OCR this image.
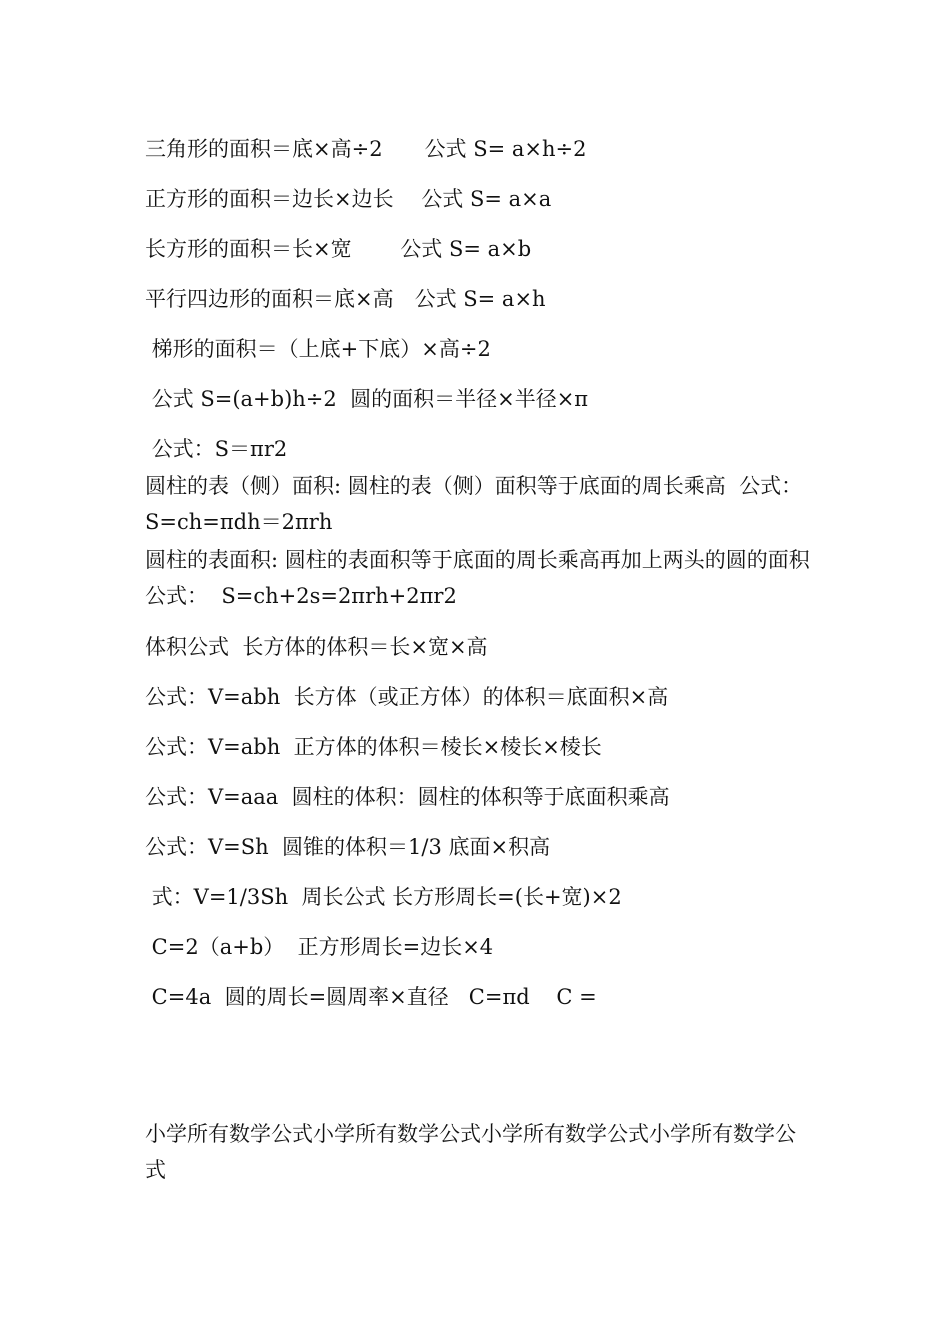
三角形的面积＝底×高÷2　　公式 S= a×h÷2
正方形的面积＝边长×边长　 公式 S= a×a
长方形的面积＝长×宽　　 公式 S= a×b
平行四边形的面积＝底×高　公式 S= a×h
梯形的面积＝（上底+下底）×高÷2
公式 S=(a+b)h÷2  圆的面积＝半径×半径×π
公式：S＝πr2
圆柱的表（侧）面积: 圆柱的表（侧）面积等于底面的周长乘高  公式：S=ch=πdh＝2πrh
圆柱的表面积: 圆柱的表面积等于底面的周长乘高再加上两头的圆的面积公式：  S=ch+2s=2πrh+2πr2
体积公式  长方体的体积＝长×宽×高
公式：V=abh  长方体（或正方体）的体积＝底面积×高
公式：V=abh  正方体的体积＝棱长×棱长×棱长
公式：V=aaa  圆柱的体积：圆柱的体积等于底面积乘高
公式：V=Sh  圆锥的体积＝1/3 底面×积高
式：V=1/3Sh  周长公式 长方形周长=(长+宽)×2
C=2（a+b）  正方形周长=边长×4
C=4a  圆的周长=圆周率×直径   C=πd    C =
小学所有数学公式小学所有数学公式小学所有数学公式小学所有数学公式
